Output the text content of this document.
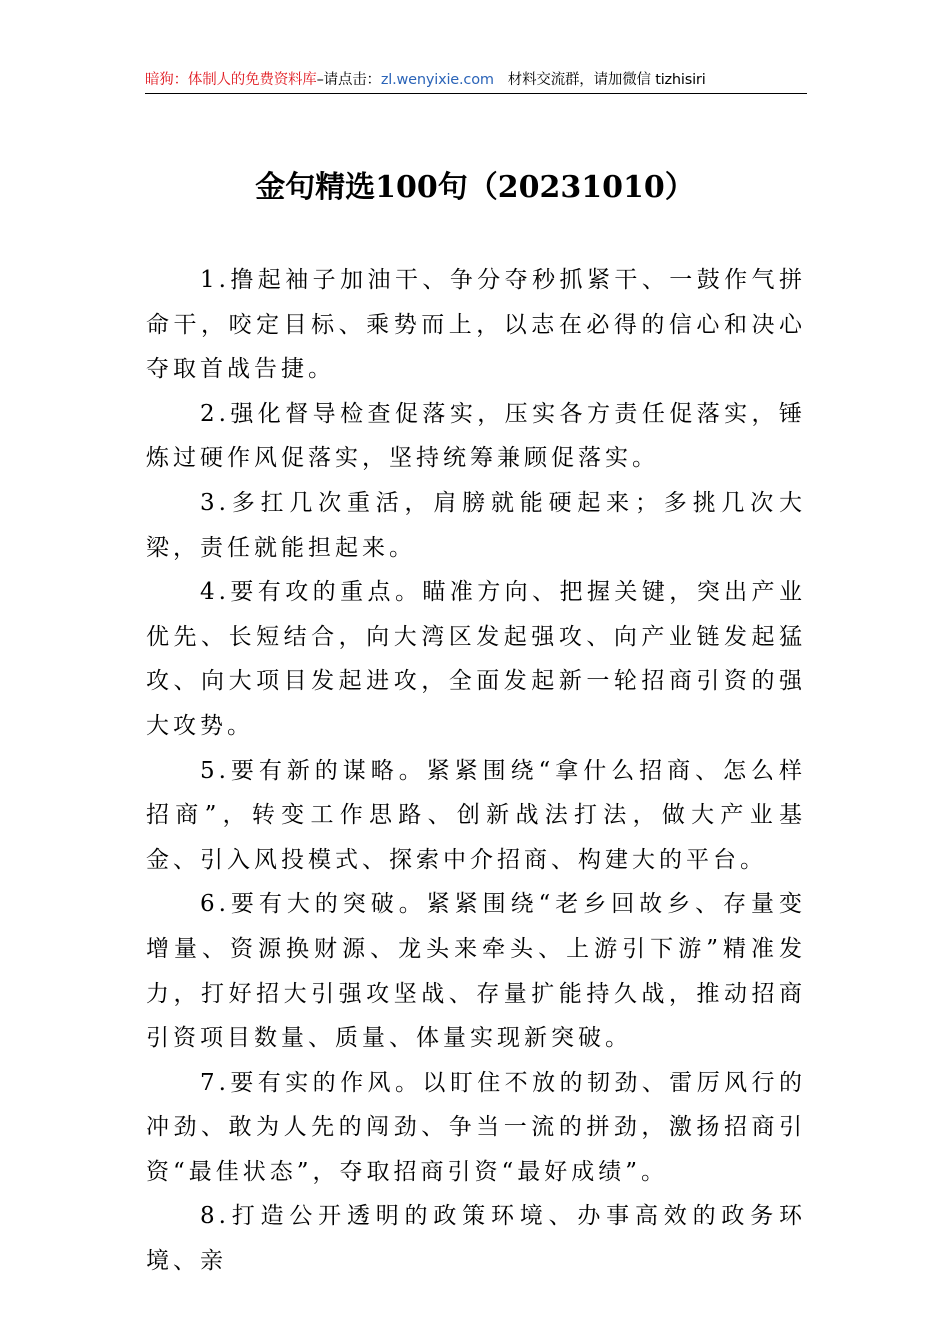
暗狗：体制人的免费资料库–请点击：zl.wenyixie.com 材料交流群，请加微信 tizhisiri
金句精选100句（20231010）

1.撸起袖子加油干、争分夺秒抓紧干、一鼓作气拼命干，咬定目标、乘势而上，以志在必得的信心和决心夺取首战告捷。

2.强化督导检查促落实，压实各方责任促落实，锤炼过硬作风促落实，坚持统筹兼顾促落实。

3.多扛几次重活，肩膀就能硬起来；多挑几次大梁，责任就能担起来。

4.要有攻的重点。瞄准方向、把握关键，突出产业优先、长短结合，向大湾区发起强攻、向产业链发起猛攻、向大项目发起进攻，全面发起新一轮招商引资的强大攻势。

5.要有新的谋略。紧紧围绕“拿什么招商、怎么样招商”，转变工作思路、创新战法打法，做大产业基金、引入风投模式、探索中介招商、构建大的平台。

6.要有大的突破。紧紧围绕“老乡回故乡、存量变增量、资源换财源、龙头来牵头、上游引下游”精准发力，打好招大引强攻坚战、存量扩能持久战，推动招商引资项目数量、质量、体量实现新突破。

7.要有实的作风。以盯住不放的韧劲、雷厉风行的冲劲、敢为人先的闯劲、争当一流的拼劲，激扬招商引资“最佳状态”，夺取招商引资“最好成绩”。

8.打造公开透明的政策环境、办事高效的政务环境、亲
